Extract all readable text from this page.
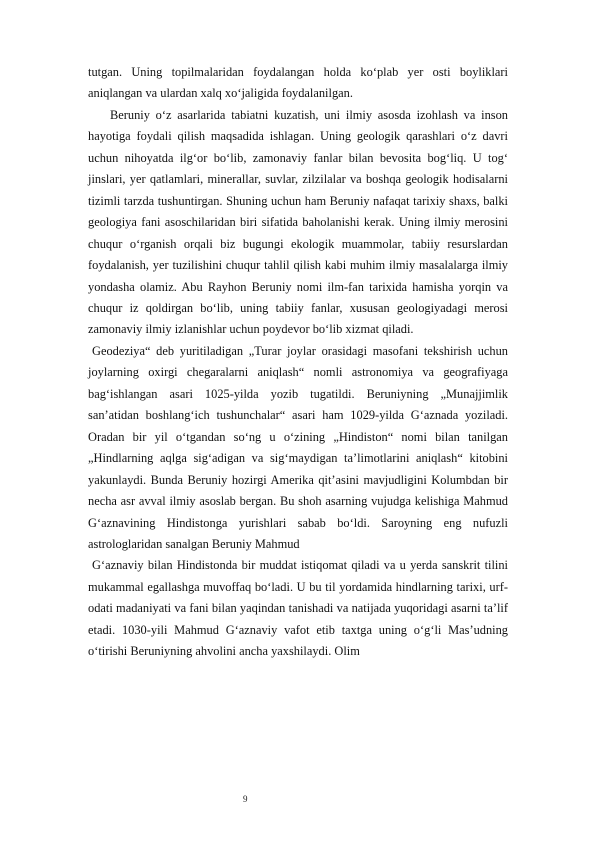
tutgan. Uning topilmalaridan foydalangan holda ko‘plab yer osti boyliklari aniqlangan va ulardan xalq xo‘jaligida foydalanilgan.

Beruniy o‘z asarlarida tabiatni kuzatish, uni ilmiy asosda izohlash va inson hayotiga foydali qilish maqsadida ishlagan. Uning geologik qarashlari o‘z davri uchun nihoyatda ilg‘or bo‘lib, zamonaviy fanlar bilan bevosita bog‘liq. U tog‘ jinslari, yer qatlamlari, minerallar, suvlar, zilzilalar va boshqa geologik hodisalarni tizimli tarzda tushuntirgan. Shuning uchun ham Beruniy nafaqat tarixiy shaxs, balki geologiya fani asoschilaridan biri sifatida baholanishi kerak. Uning ilmiy merosini chuqur o‘rganish orqali biz bugungi ekologik muammolar, tabiiy resurslardan foydalanish, yer tuzilishini chuqur tahlil qilish kabi muhim ilmiy masalalarga ilmiy yondasha olamiz. Abu Rayhon Beruniy nomi ilm-fan tarixida hamisha yorqin va chuqur iz qoldirgan bo‘lib, uning tabiiy fanlar, xususan geologiyadagi merosi zamonaviy ilmiy izlanishlar uchun poydevor bo‘lib xizmat qiladi.

Geodeziya“ deb yuritiladigan „Turar joylar orasidagi masofani tekshirish uchun joylarning oxirgi chegaralarni aniqlash“ nomli astronomiya va geografiyaga bag‘ishlangan asari 1025-yilda yozib tugatildi. Beruniyning „Munajjimlik san’atidan boshlang‘ich tushunchalar“ asari ham 1029-yilda G‘aznada yoziladi. Oradan bir yil o‘tgandan so‘ng u o‘zining „Hindiston“ nomi bilan tanilgan „Hindlarning aqlga sig‘adigan va sig‘maydigan ta’limotlarini aniqlash“ kitobini yakunlaydi. Bunda Beruniy hozirgi Amerika qit’asini mavjudligini Kolumbdan bir necha asr avval ilmiy asoslab bergan. Bu shoh asarning vujudga kelishiga Mahmud G‘aznavining Hindistonga yurishlari sabab bo‘ldi. Saroyning eng nufuzli astrologlaridan sanalgan Beruniy Mahmud

G‘aznaviy bilan Hindistonda bir muddat istiqomat qiladi va u yerda sanskrit tilini mukammal egallashga muvoffaq bo‘ladi. U bu til yordamida hindlarning tarixi, urf-odati madaniyati va fani bilan yaqindan tanishadi va natijada yuqoridagi asarni ta’lif etadi. 1030-yili Mahmud G‘aznaviy vafot etib taxtga uning o‘g‘li Mas’udning o‘tirishi Beruniyning ahvolini ancha yaxshilaydi. Olim

9
